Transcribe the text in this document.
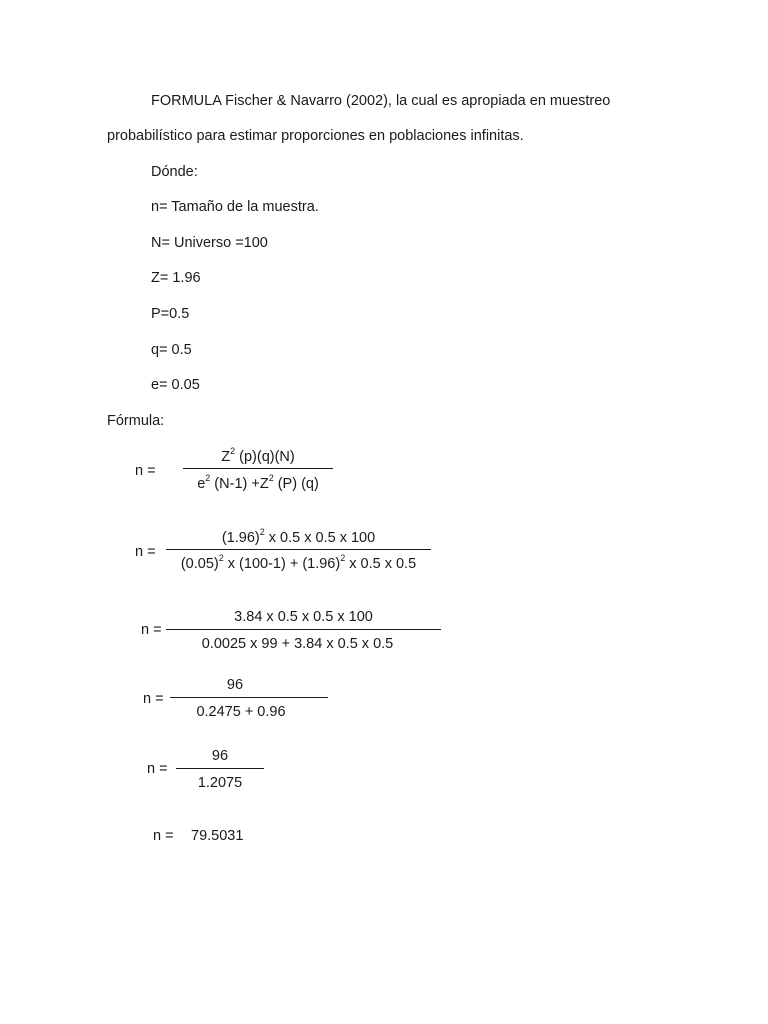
FORMULA Fischer & Navarro (2002), la cual es apropiada en muestreo
probabilístico para estimar proporciones en poblaciones infinitas.
Dónde:
n= Tamaño de la muestra.
N= Universo =100
Z= 1.96
P=0.5
q= 0.5
e= 0.05
Fórmula:
n =
$Z^2$ (p)(q)(N)
$e^2$ $(N-1) +Z^2$ (P) (q)
n =
$(1.96)^2$ x 0.5 x 0.5 x 100
$(0.05)^2$ x $(100-1) + (1.96)^2$ x 0.5 x 0.5
n =
3.84 x 0.5 x 0.5 x 100
0.0025 x 99 + 3.84 x 0.5 x 0.5
n =
96
0.2475 + 0.96
n =
96
1.2075
n = 79.5031
